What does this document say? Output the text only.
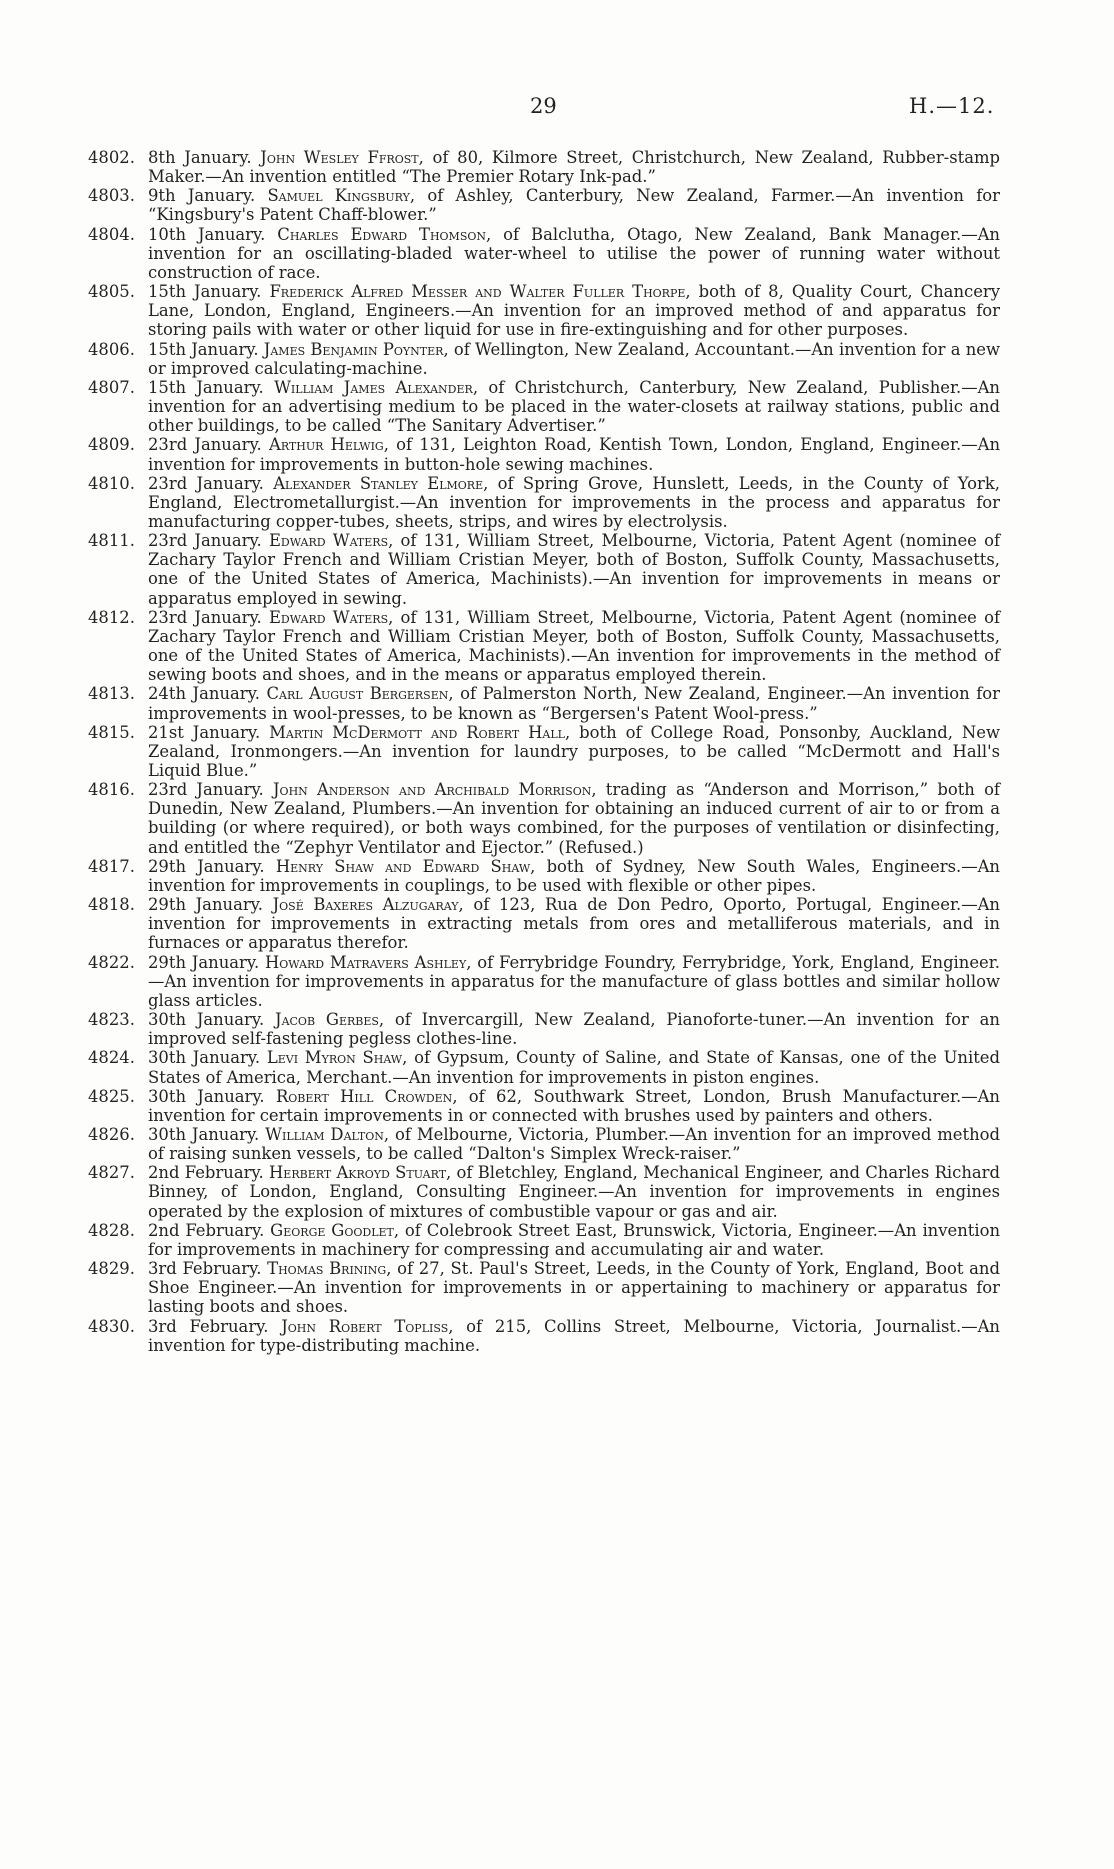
29	H.—12.
4802. 8th January. John Wesley Ffrost, of 80, Kilmore Street, Christchurch, New Zealand, Rubber-stamp Maker.—An invention entitled “The Premier Rotary Ink-pad.”
4803. 9th January. Samuel Kingsbury, of Ashley, Canterbury, New Zealand, Farmer.—An invention for “Kingsbury's Patent Chaff-blower.”
4804. 10th January. Charles Edward Thomson, of Balclutha, Otago, New Zealand, Bank Manager.—An invention for an oscillating-bladed water-wheel to utilise the power of running water without construction of race.
4805. 15th January. Frederick Alfred Messer and Walter Fuller Thorpe, both of 8, Quality Court, Chancery Lane, London, England, Engineers.—An invention for an improved method of and apparatus for storing pails with water or other liquid for use in fire-extinguishing and for other purposes.
4806. 15th January. James Benjamin Poynter, of Wellington, New Zealand, Accountant.—An invention for a new or improved calculating-machine.
4807. 15th January. William James Alexander, of Christchurch, Canterbury, New Zealand, Publisher.—An invention for an advertising medium to be placed in the water-closets at railway stations, public and other buildings, to be called “The Sanitary Advertiser.”
4809. 23rd January. Arthur Helwig, of 131, Leighton Road, Kentish Town, London, England, Engineer.—An invention for improvements in button-hole sewing machines.
4810. 23rd January. Alexander Stanley Elmore, of Spring Grove, Hunslett, Leeds, in the County of York, England, Electrometallurgist.—An invention for improvements in the process and apparatus for manufacturing copper-tubes, sheets, strips, and wires by electrolysis.
4811. 23rd January. Edward Waters, of 131, William Street, Melbourne, Victoria, Patent Agent (nominee of Zachary Taylor French and William Cristian Meyer, both of Boston, Suffolk County, Massachusetts, one of the United States of America, Machinists).—An invention for improvements in means or apparatus employed in sewing.
4812. 23rd January. Edward Waters, of 131, William Street, Melbourne, Victoria, Patent Agent (nominee of Zachary Taylor French and William Cristian Meyer, both of Boston, Suffolk County, Massachusetts, one of the United States of America, Machinists).—An invention for improvements in the method of sewing boots and shoes, and in the means or apparatus employed therein.
4813. 24th January. Carl August Bergersen, of Palmerston North, New Zealand, Engineer.—An invention for improvements in wool-presses, to be known as “Bergersen's Patent Wool-press.”
4815. 21st January. Martin McDermott and Robert Hall, both of College Road, Ponsonby, Auckland, New Zealand, Ironmongers.—An invention for laundry purposes, to be called “McDermott and Hall's Liquid Blue.”
4816. 23rd January. John Anderson and Archibald Morrison, trading as “Anderson and Morrison,” both of Dunedin, New Zealand, Plumbers.—An invention for obtaining an induced current of air to or from a building (or where required), or both ways combined, for the purposes of ventilation or disinfecting, and entitled the “Zephyr Ventilator and Ejector.” (Refused.)
4817. 29th January. Henry Shaw and Edward Shaw, both of Sydney, New South Wales, Engineers.—An invention for improvements in couplings, to be used with flexible or other pipes.
4818. 29th January. José Baxeres Alzugaray, of 123, Rua de Don Pedro, Oporto, Portugal, Engineer.—An invention for improvements in extracting metals from ores and metalliferous materials, and in furnaces or apparatus therefor.
4822. 29th January. Howard Matravers Ashley, of Ferrybridge Foundry, Ferrybridge, York, England, Engineer.—An invention for improvements in apparatus for the manufacture of glass bottles and similar hollow glass articles.
4823. 30th January. Jacob Gerbes, of Invercargill, New Zealand, Pianoforte-tuner.—An invention for an improved self-fastening pegless clothes-line.
4824. 30th January. Levi Myron Shaw, of Gypsum, County of Saline, and State of Kansas, one of the United States of America, Merchant.—An invention for improvements in piston engines.
4825. 30th January. Robert Hill Crowden, of 62, Southwark Street, London, Brush Manufacturer.—An invention for certain improvements in or connected with brushes used by painters and others.
4826. 30th January. William Dalton, of Melbourne, Victoria, Plumber.—An invention for an improved method of raising sunken vessels, to be called “Dalton's Simplex Wreck-raiser.”
4827. 2nd February. Herbert Akroyd Stuart, of Bletchley, England, Mechanical Engineer, and Charles Richard Binney, of London, England, Consulting Engineer.—An invention for improvements in engines operated by the explosion of mixtures of combustible vapour or gas and air.
4828. 2nd February. George Goodlet, of Colebrook Street East, Brunswick, Victoria, Engineer.—An invention for improvements in machinery for compressing and accumulating air and water.
4829. 3rd February. Thomas Brining, of 27, St. Paul's Street, Leeds, in the County of York, England, Boot and Shoe Engineer.—An invention for improvements in or appertaining to machinery or apparatus for lasting boots and shoes.
4830. 3rd February. John Robert Topliss, of 215, Collins Street, Melbourne, Victoria, Journalist.—An invention for type-distributing machine.
